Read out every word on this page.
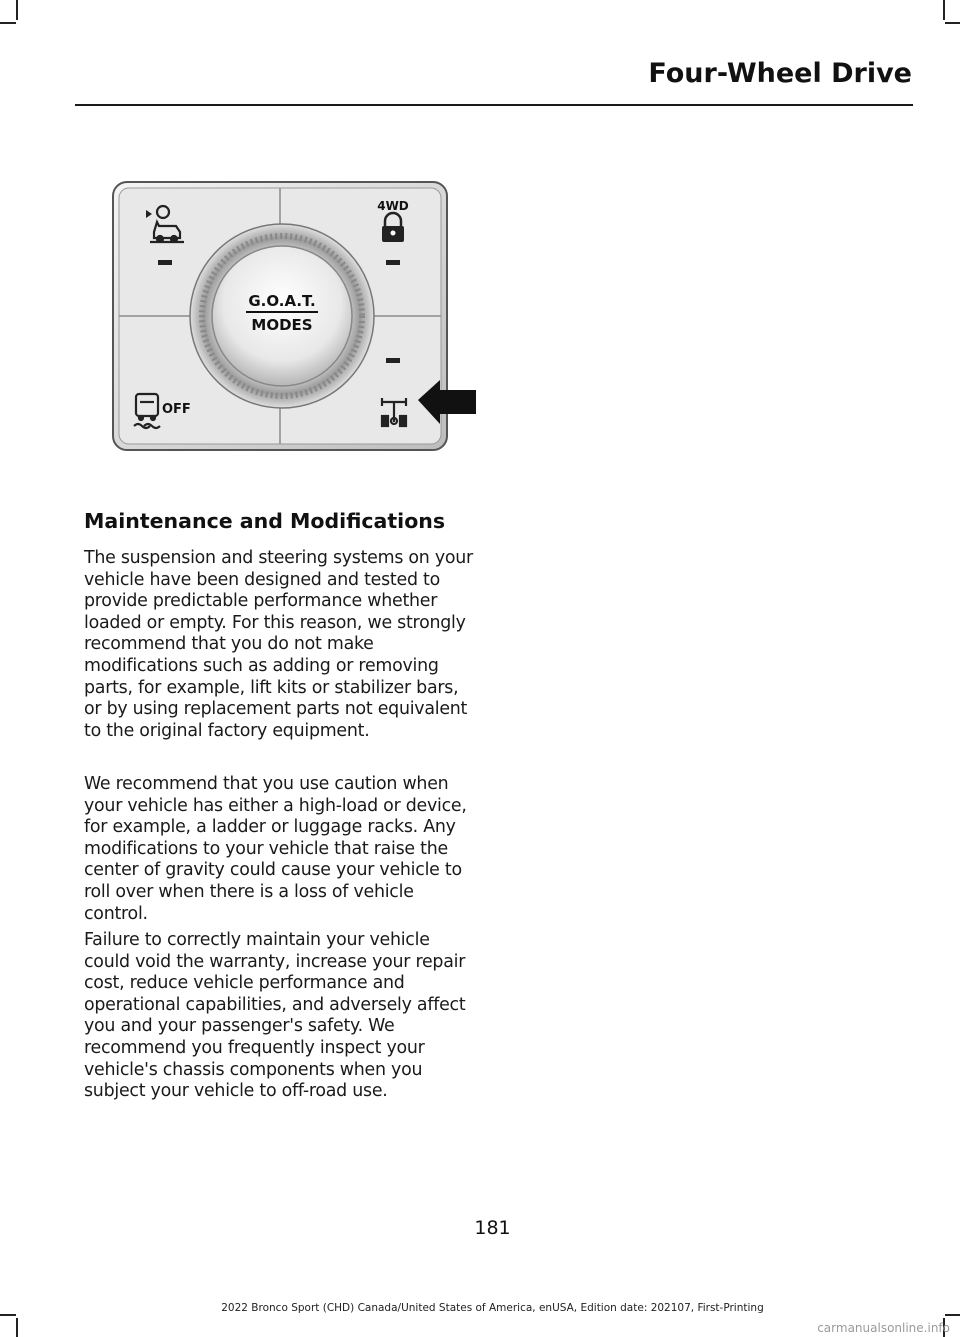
Four-Wheel Drive
G.O.A.T.
MODES
4WD
OFF
Maintenance and Modifications

The suspension and steering systems on your vehicle have been designed and tested to provide predictable performance whether loaded or empty. For this reason, we strongly recommend that you do not make modifications such as adding or removing parts, for example, lift kits or stabilizer bars, or by using replacement parts not equivalent to the original factory equipment.

We recommend that you use caution when your vehicle has either a high-load or device, for example, a ladder or luggage racks. Any modifications to your vehicle that raise the center of gravity could cause your vehicle to roll over when there is a loss of vehicle control.

Failure to correctly maintain your vehicle could void the warranty, increase your repair cost, reduce vehicle performance and operational capabilities, and adversely affect you and your passenger's safety. We recommend you frequently inspect your vehicle's chassis components when you subject your vehicle to off-road use.

181
2022 Bronco Sport (CHD) Canada/United States of America, enUSA, Edition date: 202107, First-Printing
carmanualsonline.info
